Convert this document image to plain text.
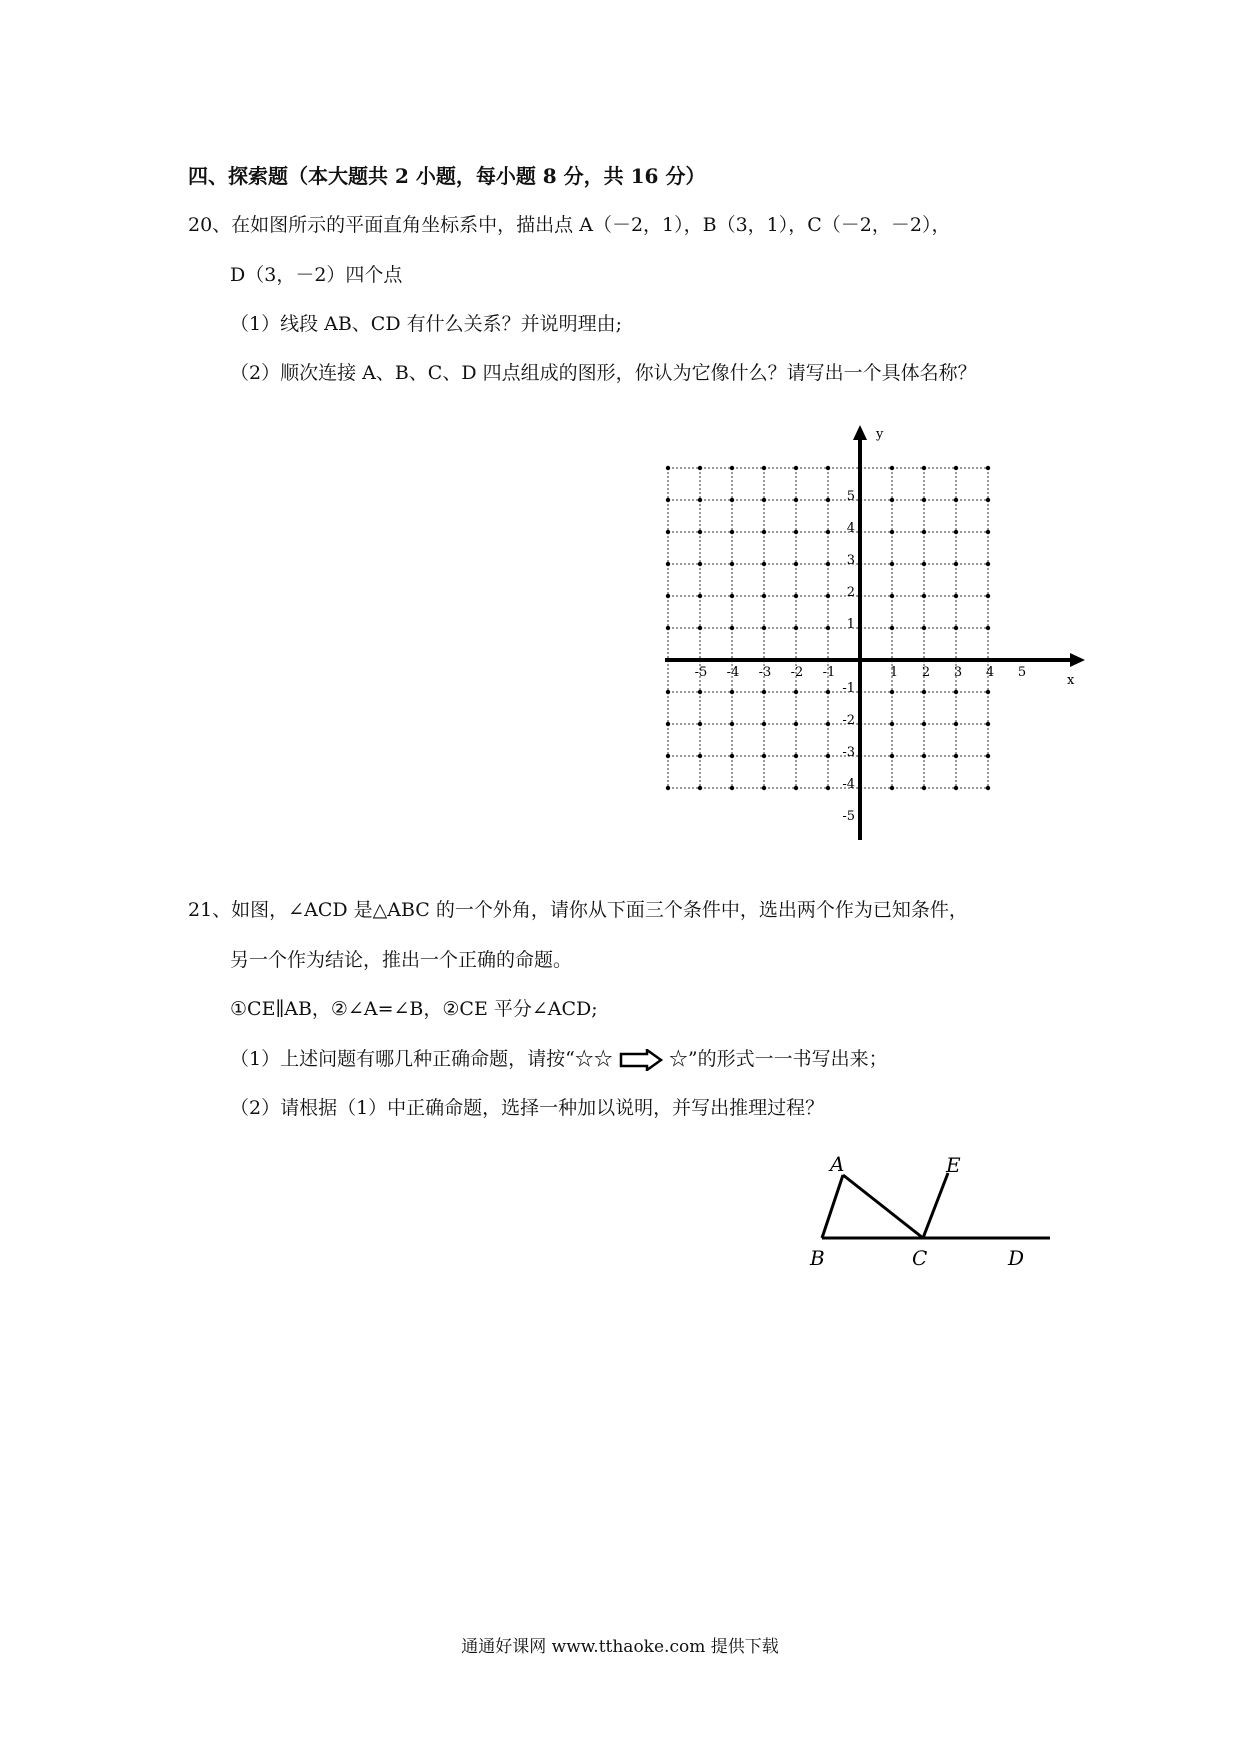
四、探索题（本大题共 2 小题，每小题 8 分，共 16 分）
20、在如图所示的平面直角坐标系中，描出点 A（－2，1），B（3，1），C（－2，－2），
D（3，－2）四个点
（1）线段 AB、CD 有什么关系？并说明理由;
（2）顺次连接 A、B、C、D 四点组成的图形，你认为它像什么？请写出一个具体名称？
x
y
-5 -4 -3 -2 -1	1 2 3 4 5
5
4
3
2
1
-1
-2
-3
-4
-5
21、如图，∠ACD 是△ABC 的一个外角，请你从下面三个条件中，选出两个作为已知条件，
另一个作为结论，推出一个正确的命题。
①CE∥AB，②∠A=∠B，②CE 平分∠ACD;
（1）上述问题有哪几种正确命题，请按“☆☆	☆”的形式一一书写出来；
（2）请根据（1）中正确命题，选择一种加以说明，并写出推理过程？
A
B	C	D
E
通通好课网 www.tthaoke.com 提供下载
